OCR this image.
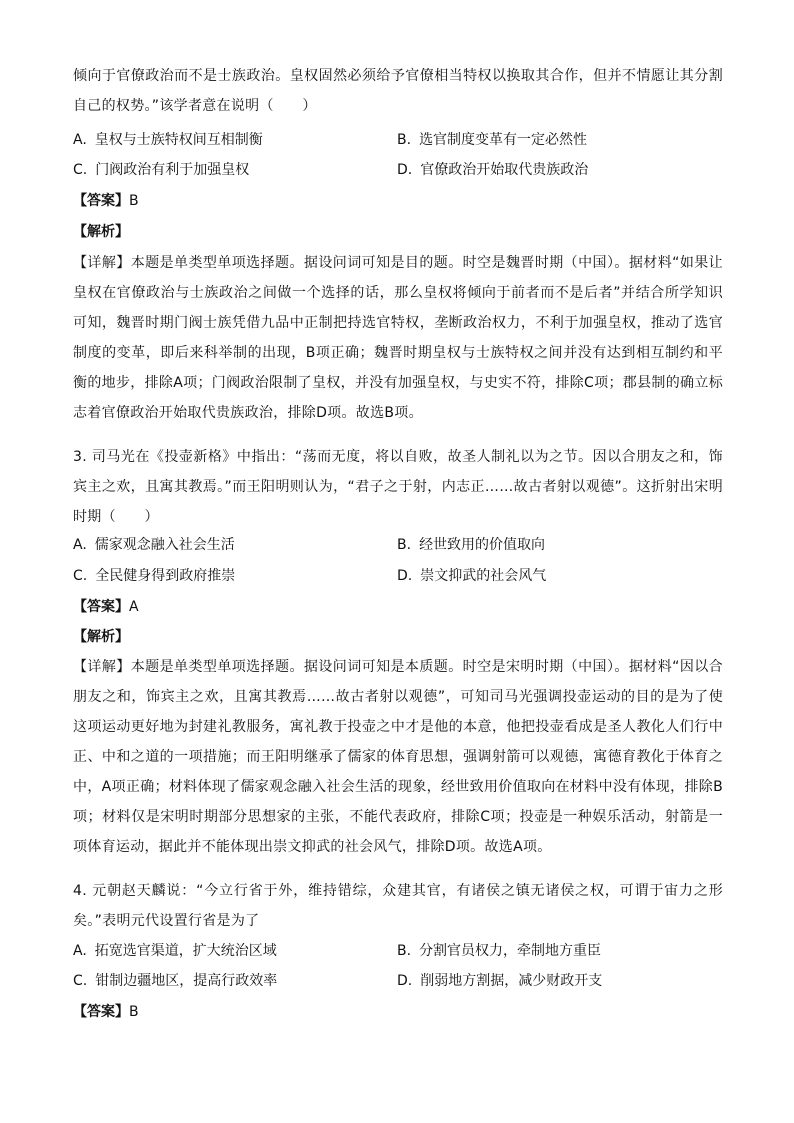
倾向于官僚政治而不是士族政治。皇权固然必须给予官僚相当特权以换取其合作，但并不情愿让其分割自己的权势。”该学者意在说明（　　）
A. 皇权与士族特权间互相制衡	B. 选官制度变革有一定必然性
C. 门阀政治有利于加强皇权	D. 官僚政治开始取代贵族政治
【答案】B
【解析】
【详解】本题是单类型单项选择题。据设问词可知是目的题。时空是魏晋时期（中国）。据材料“如果让皇权在官僚政治与士族政治之间做一个选择的话，那么皇权将倾向于前者而不是后者”并结合所学知识可知，魏晋时期门阀士族凭借九品中正制把持选官特权，垄断政治权力，不利于加强皇权，推动了选官制度的变革，即后来科举制的出现，B项正确；魏晋时期皇权与士族特权之间并没有达到相互制约和平衡的地步，排除A项；门阀政治限制了皇权，并没有加强皇权，与史实不符，排除C项；郡县制的确立标志着官僚政治开始取代贵族政治，排除D项。故选B项。
3. 司马光在《投壶新格》中指出：“荡而无度，将以自败，故圣人制礼以为之节。因以合朋友之和，饰宾主之欢，且寓其教焉。”而王阳明则认为，“君子之于射，内志正……故古者射以观德”。这折射出宋明时期（　　）
A. 儒家观念融入社会生活	B. 经世致用的价值取向
C. 全民健身得到政府推崇	D. 崇文抑武的社会风气
【答案】A
【解析】
【详解】本题是单类型单项选择题。据设问词可知是本质题。时空是宋明时期（中国）。据材料“因以合朋友之和，饰宾主之欢，且寓其教焉……故古者射以观德”，可知司马光强调投壶运动的目的是为了使这项运动更好地为封建礼教服务，寓礼教于投壶之中才是他的本意，他把投壶看成是圣人教化人们行中正、中和之道的一项措施；而王阳明继承了儒家的体育思想，强调射箭可以观德，寓德育教化于体育之中，A项正确；材料体现了儒家观念融入社会生活的现象，经世致用价值取向在材料中没有体现，排除B项；材料仅是宋明时期部分思想家的主张，不能代表政府，排除C项；投壶是一种娱乐活动，射箭是一项体育运动，据此并不能体现出崇文抑武的社会风气，排除D项。故选A项。
4. 元朝赵天麟说：“今立行省于外，维持错综，众建其官，有诸侯之镇无诸侯之权，可谓于宙力之形矣。”表明元代设置行省是为了
A. 拓宽选官渠道，扩大统治区域	B. 分割官员权力，牵制地方重臣
C. 钳制边疆地区，提高行政效率	D. 削弱地方割据，减少财政开支
【答案】B
